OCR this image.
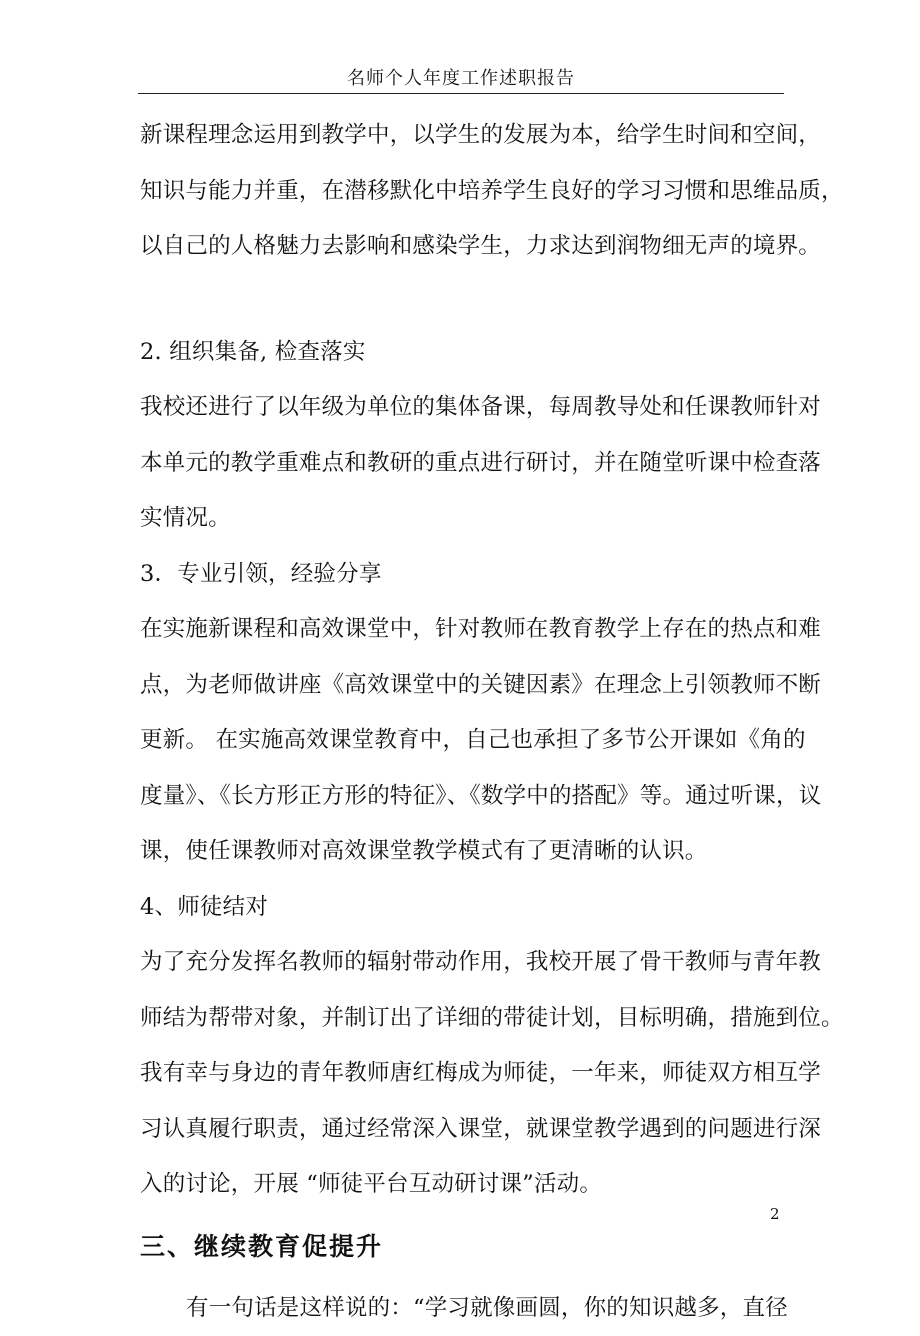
名师个人年度工作述职报告

新课程理念运用到教学中，以学生的发展为本，给学生时间和空间，

知识与能力并重，在潜移默化中培养学生良好的学习习惯和思维品质，

以自己的人格魅力去影响和感染学生，力求达到润物细无声的境界。

2. 组织集备, 检查落实

我校还进行了以年级为单位的集体备课，每周教导处和任课教师针对

本单元的教学重难点和教研的重点进行研讨，并在随堂听课中检查落

实情况。

3．专业引领，经验分享

在实施新课程和高效课堂中，针对教师在教育教学上存在的热点和难

点，为老师做讲座《高效课堂中的关键因素》在理念上引领教师不断

更新。 在实施高效课堂教育中，自己也承担了多节公开课如《角的

度量》、《长方形正方形的特征》、《数学中的搭配》等。通过听课，议

课，使任课教师对高效课堂教学模式有了更清晰的认识。

4、师徒结对

为了充分发挥名教师的辐射带动作用，我校开展了骨干教师与青年教

师结为帮带对象，并制订出了详细的带徒计划，目标明确，措施到位。

我有幸与身边的青年教师唐红梅成为师徒，一年来，师徒双方相互学

习认真履行职责，通过经常深入课堂，就课堂教学遇到的问题进行深

入的讨论，开展 “师徒平台互动研讨课”活动。

三、继续教育促提升

有一句话是这样说的：“学习就像画圆，你的知识越多，直径

2
